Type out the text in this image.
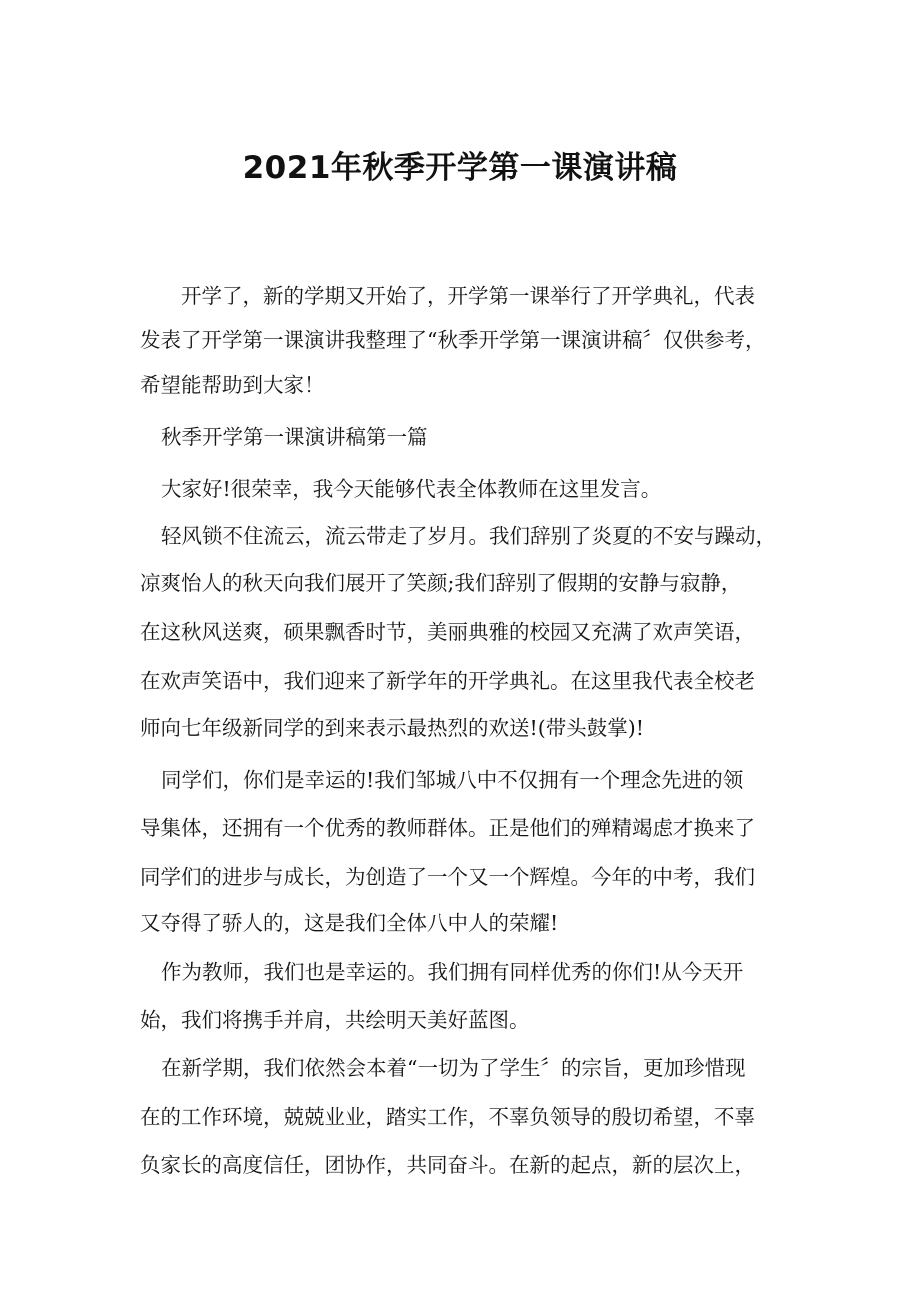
2021年秋季开学第一课演讲稿
开学了，新的学期又开始了，开学第一课举行了开学典礼，代表
发表了开学第一课演讲我整理了“秋季开学第一课演讲稿〞仅供参考，
希望能帮助到大家！
秋季开学第一课演讲稿第一篇
大家好!很荣幸，我今天能够代表全体教师在这里发言。
轻风锁不住流云，流云带走了岁月。我们辞别了炎夏的不安与躁动，
凉爽怡人的秋天向我们展开了笑颜;我们辞别了假期的安静与寂静，
在这秋风送爽，硕果飘香时节，美丽典雅的校园又充满了欢声笑语，
在欢声笑语中，我们迎来了新学年的开学典礼。在这里我代表全校老
师向七年级新同学的到来表示最热烈的欢送!(带头鼓掌)!
同学们，你们是幸运的!我们邹城八中不仅拥有一个理念先进的领
导集体，还拥有一个优秀的教师群体。正是他们的殚精竭虑才换来了
同学们的进步与成长，为创造了一个又一个辉煌。今年的中考，我们
又夺得了骄人的，这是我们全体八中人的荣耀!
作为教师，我们也是幸运的。我们拥有同样优秀的你们!从今天开
始，我们将携手并肩，共绘明天美好蓝图。
在新学期，我们依然会本着“一切为了学生〞的宗旨，更加珍惜现
在的工作环境，兢兢业业，踏实工作，不辜负领导的殷切希望，不辜
负家长的高度信任，团协作，共同奋斗。在新的起点，新的层次上，
